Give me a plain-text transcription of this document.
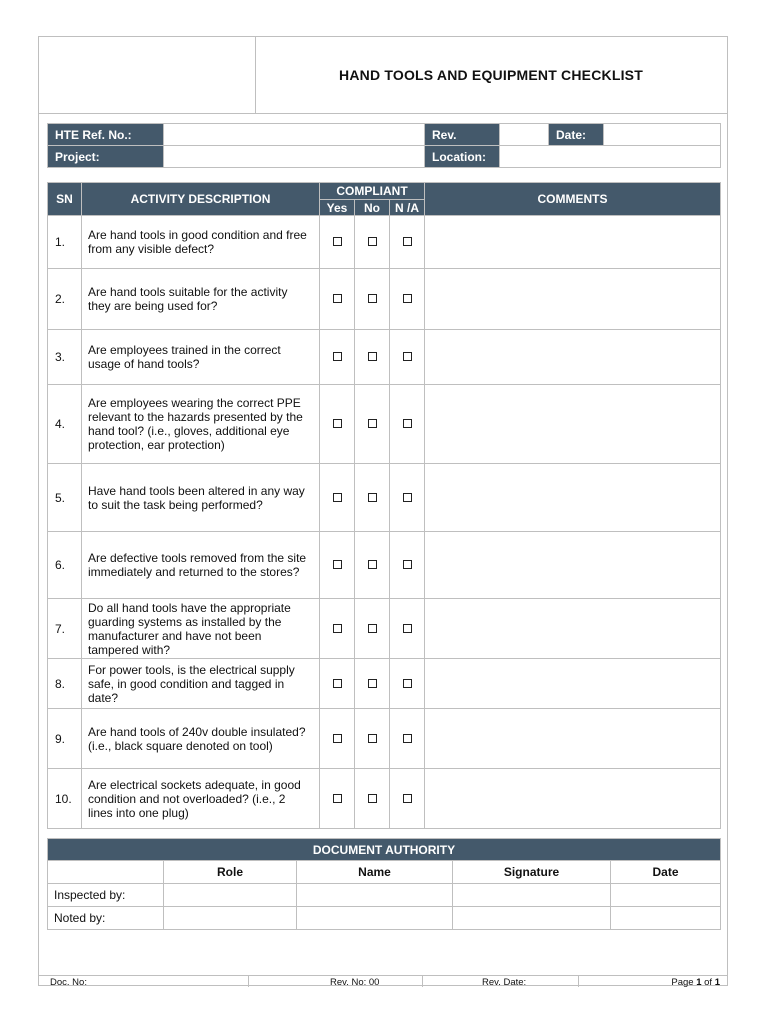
HAND TOOLS AND EQUIPMENT CHECKLIST
HTE Ref. No.:		Rev.		Date:	
Project:		Location:			
SN	ACTIVITY DESCRIPTION	COMPLIANT			COMMENTS
		Yes	No	N /A	
1.	Are hand tools in good condition and free from any visible defect?				
2.	Are hand tools suitable for the activity they are being used for?				
3.	Are employees trained in the correct usage of hand tools?				
4.	Are employees wearing the correct PPE relevant to the hazards presented by the hand tool? (i.e., gloves, additional eye protection, ear protection)				
5.	Have hand tools been altered in any way to suit the task being performed?				
6.	Are defective tools removed from the site immediately and returned to the stores?				
7.	Do all hand tools have the appropriate guarding systems as installed by the manufacturer and have not been tampered with?				
8.	For power tools, is the electrical supply safe, in good condition and tagged in date?				
9.	Are hand tools of 240v double insulated? (i.e., black square denoted on tool)				
10.	Are electrical sockets adequate, in good condition and not overloaded? (i.e., 2 lines into one plug)				
DOCUMENT AUTHORITY				
	Role	Name	Signature	Date
Inspected by:				
Noted by:				
Doc. No:	Rev. No: 00	Rev. Date:	Page 1 of 1
